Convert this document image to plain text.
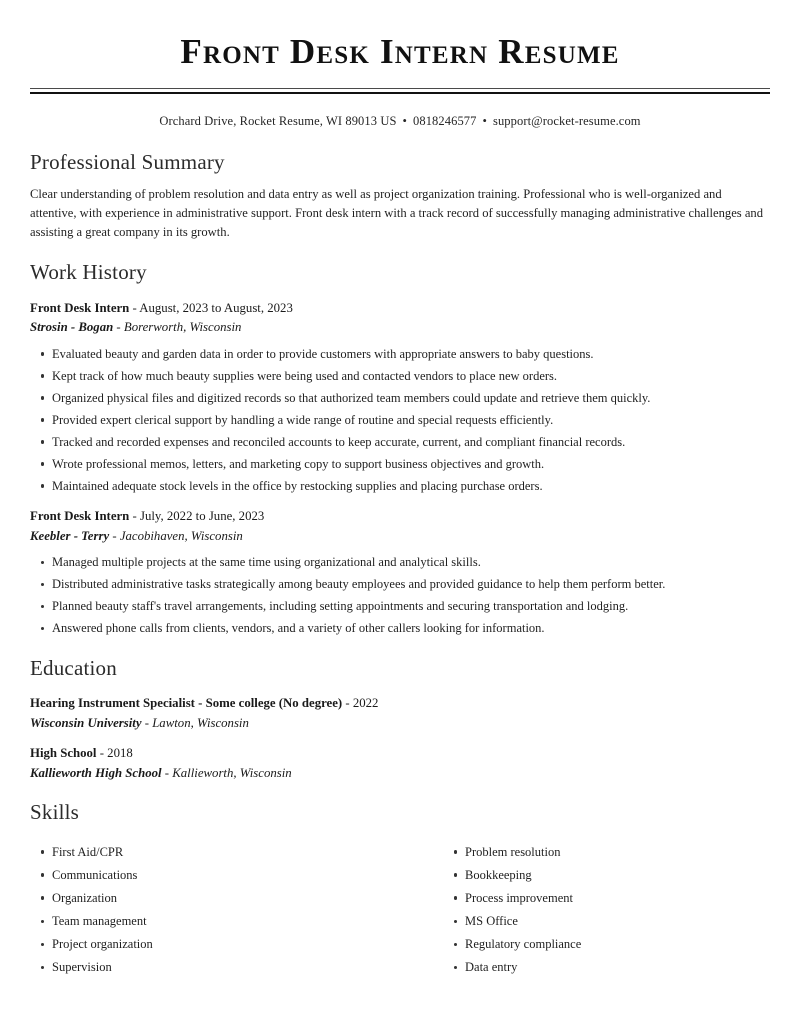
Front Desk Intern Resume
Orchard Drive, Rocket Resume, WI 89013 US • 0818246577 • support@rocket-resume.com
Professional Summary

Clear understanding of problem resolution and data entry as well as project organization training. Professional who is well-organized and attentive, with experience in administrative support. Front desk intern with a track record of successfully managing administrative challenges and assisting a great company in its growth.

Work History
Front Desk Intern - August, 2023 to August, 2023
Strosin - Bogan - Borerworth, Wisconsin
Evaluated beauty and garden data in order to provide customers with appropriate answers to baby questions.
Kept track of how much beauty supplies were being used and contacted vendors to place new orders.
Organized physical files and digitized records so that authorized team members could update and retrieve them quickly.
Provided expert clerical support by handling a wide range of routine and special requests efficiently.
Tracked and recorded expenses and reconciled accounts to keep accurate, current, and compliant financial records.
Wrote professional memos, letters, and marketing copy to support business objectives and growth.
Maintained adequate stock levels in the office by restocking supplies and placing purchase orders.
Front Desk Intern - July, 2022 to June, 2023
Keebler - Terry - Jacobihaven, Wisconsin
Managed multiple projects at the same time using organizational and analytical skills.
Distributed administrative tasks strategically among beauty employees and provided guidance to help them perform better.
Planned beauty staff's travel arrangements, including setting appointments and securing transportation and lodging.
Answered phone calls from clients, vendors, and a variety of other callers looking for information.
Education
Hearing Instrument Specialist - Some college (No degree) - 2022
Wisconsin University - Lawton, Wisconsin
High School - 2018
Kallieworth High School - Kallieworth, Wisconsin
Skills
First Aid/CPR
Communications
Organization
Team management
Project organization
Supervision
Problem resolution
Bookkeeping
Process improvement
MS Office
Regulatory compliance
Data entry
